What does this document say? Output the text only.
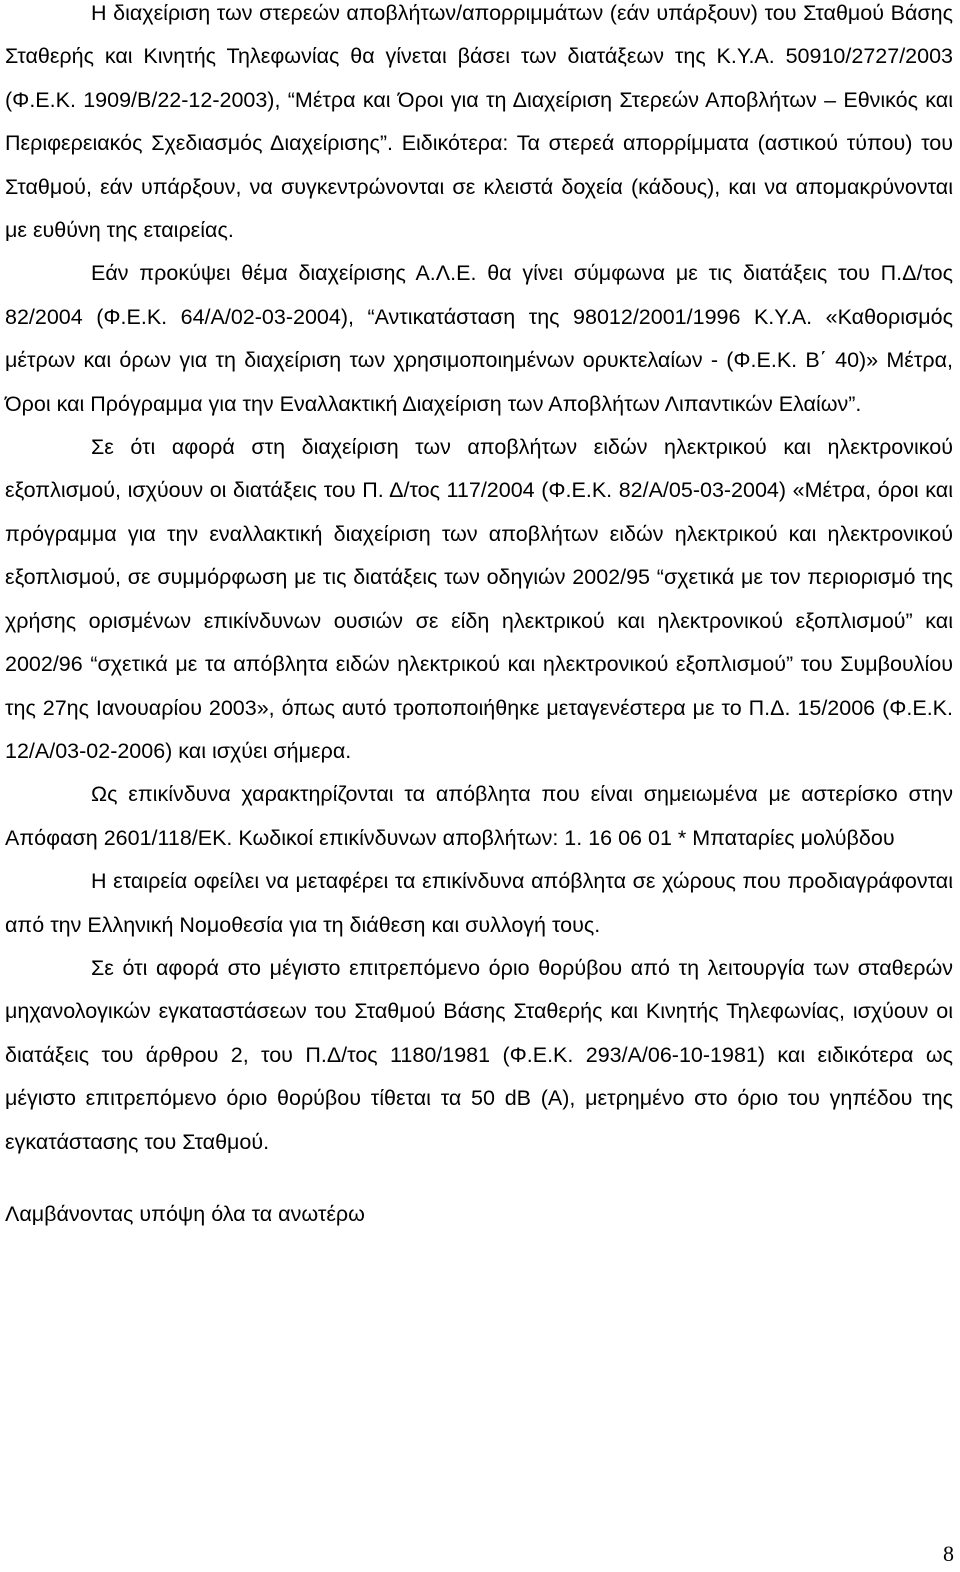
Η διαχείριση των στερεών αποβλήτων/απορριμμάτων (εάν υπάρξουν) του Σταθμού Βάσης Σταθερής και Κινητής Τηλεφωνίας θα γίνεται βάσει των διατάξεων της Κ.Υ.Α. 50910/2727/2003 (Φ.Ε.Κ. 1909/Β/22-12-2003), “Μέτρα και Όροι για τη Διαχείριση Στερεών Αποβλήτων – Εθνικός και Περιφερειακός Σχεδιασμός Διαχείρισης”. Ειδικότερα: Τα στερεά απορρίμματα (αστικού τύπου) του Σταθμού, εάν υπάρξουν, να συγκεντρώνονται σε κλειστά δοχεία (κάδους), και να απομακρύνονται με ευθύνη της εταιρείας.

Εάν προκύψει θέμα διαχείρισης Α.Λ.Ε. θα γίνει σύμφωνα με τις διατάξεις του Π.Δ/τος 82/2004 (Φ.Ε.Κ. 64/Α/02-03-2004), “Αντικατάσταση της 98012/2001/1996 Κ.Υ.Α. «Καθορισμός μέτρων και όρων για τη διαχείριση των χρησιμοποιημένων ορυκτελαίων - (Φ.Ε.Κ. Β΄ 40)» Μέτρα, Όροι και Πρόγραμμα για την Εναλλακτική Διαχείριση των Αποβλήτων Λιπαντικών Ελαίων”.

Σε ότι αφορά στη διαχείριση των αποβλήτων ειδών ηλεκτρικού και ηλεκτρονικού εξοπλισμού, ισχύουν οι διατάξεις του Π. Δ/τος 117/2004 (Φ.Ε.Κ. 82/Α/05-03-2004) «Μέτρα, όροι και πρόγραμμα για την εναλλακτική διαχείριση των αποβλήτων ειδών ηλεκτρικού και ηλεκτρονικού εξοπλισμού, σε συμμόρφωση με τις διατάξεις των οδηγιών 2002/95 “σχετικά με τον περιορισμό της χρήσης ορισμένων επικίνδυνων ουσιών σε είδη ηλεκτρικού και ηλεκτρονικού εξοπλισμού” και 2002/96 “σχετικά με τα απόβλητα ειδών ηλεκτρικού και ηλεκτρονικού εξοπλισμού” του Συμβουλίου της 27ης Ιανουαρίου 2003», όπως αυτό τροποποιήθηκε μεταγενέστερα με το Π.Δ. 15/2006 (Φ.Ε.Κ. 12/Α/03-02-2006) και ισχύει σήμερα.

Ως επικίνδυνα χαρακτηρίζονται τα απόβλητα που είναι σημειωμένα με αστερίσκο στην Απόφαση 2601/118/ΕΚ. Κωδικοί επικίνδυνων αποβλήτων: 1. 16 06 01 * Μπαταρίες μολύβδου

Η εταιρεία οφείλει να μεταφέρει τα επικίνδυνα απόβλητα σε χώρους που προδιαγράφονται από την Ελληνική Νομοθεσία για τη διάθεση και συλλογή τους.

Σε ότι αφορά στο μέγιστο επιτρεπόμενο όριο θορύβου από τη λειτουργία των σταθερών μηχανολογικών εγκαταστάσεων του Σταθμού Βάσης Σταθερής και Κινητής Τηλεφωνίας, ισχύουν οι διατάξεις του άρθρου 2, του Π.Δ/τος 1180/1981 (Φ.Ε.Κ. 293/Α/06-10-1981) και ειδικότερα ως μέγιστο επιτρεπόμενο όριο θορύβου τίθεται τα 50 dB (A), μετρημένο στο όριο του γηπέδου της εγκατάστασης του Σταθμού.

Λαμβάνοντας υπόψη όλα τα ανωτέρω

8
